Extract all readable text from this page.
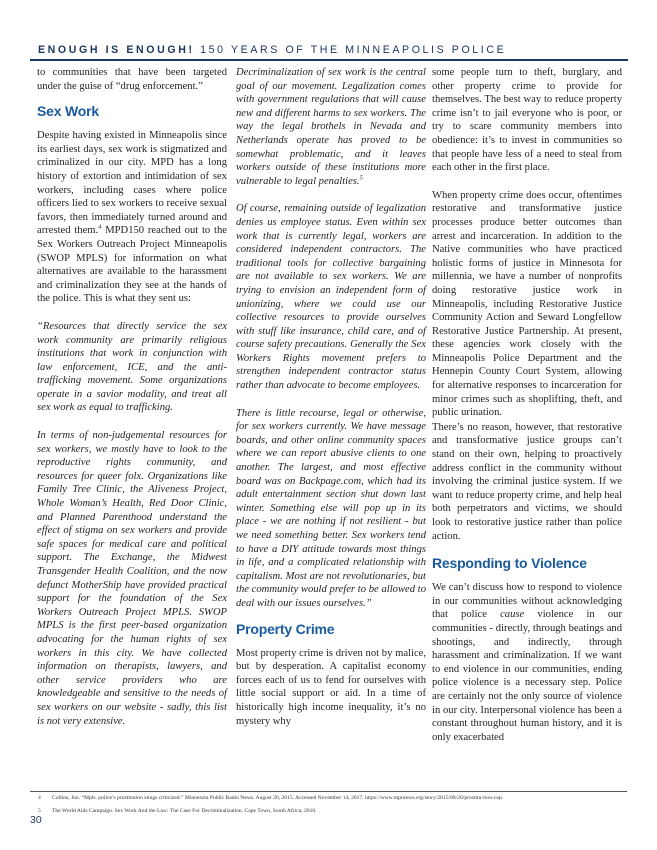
ENOUGH IS ENOUGH! 150 YEARS OF THE MINNEAPOLIS POLICE

to communities that have been targeted under the guise of “drug enforcement.”

Sex Work

Despite having existed in Minneapolis since its earliest days, sex work is stigmatized and criminalized in our city. MPD has a long history of extortion and intimidation of sex workers, including cases where police officers lied to sex workers to receive sexual favors, then immediately turned around and arrested them.$^4$ MPD150 reached out to the Sex Workers Outreach Project Minneapolis (SWOP MPLS) for information on what alternatives are available to the harassment and criminalization they see at the hands of the police. This is what they sent us:

“Resources that directly service the sex work community are primarily religious institutions that work in conjunction with law enforcement, ICE, and the anti-trafficking movement. Some organizations operate in a savior modality, and treat all sex work as equal to trafficking.

In terms of non-judgemental resources for sex workers, we mostly have to look to the reproductive rights community, and resources for queer folx. Organizations like Family Tree Clinic, the Aliveness Project, Whole Woman’s Health, Red Door Clinic, and Planned Parenthood understand the effect of stigma on sex workers and provide safe spaces for medical care and political support. The Exchange, the Midwest Transgender Health Coalition, and the now defunct MotherShip have provided practical support for the foundation of the Sex Workers Outreach Project MPLS. SWOP MPLS is the first peer-based organization advocating for the human rights of sex workers in this city. We have collected information on therapists, lawyers, and other service providers who are knowledgeable and sensitive to the needs of sex workers on our website - sadly, this list is not very extensive.

Decriminalization of sex work is the central goal of our movement. Legalization comes with government regulations that will cause new and different harms to sex workers. The way the legal brothels in Nevada and Netherlands operate has proved to be somewhat problematic, and it leaves workers outside of these institutions more vulnerable to legal penalties.$^5$

Of course, remaining outside of legalization denies us employee status. Even within sex work that is currently legal, workers are considered independent contractors. The traditional tools for collective bargaining are not available to sex workers. We are trying to envision an independent form of unionizing, where we could use our collective resources to provide ourselves with stuff like insurance, child care, and of course safety precautions. Generally the Sex Workers Rights movement prefers to strengthen independent contractor status rather than advocate to become employees.

There is little recourse, legal or otherwise, for sex workers currently. We have message boards, and other online community spaces where we can report abusive clients to one another. The largest, and most effective board was on Backpage.com, which had its adult entertainment section shut down last winter. Something else will pop up in its place - we are nothing if not resilient - but we need something better. Sex workers tend to have a DIY attitude towards most things in life, and a complicated relationship with capitalism. Most are not revolutionaries, but the community would prefer to be allowed to deal with our issues ourselves.”

Property Crime

Most property crime is driven not by malice, but by desperation. A capitalist economy forces each of us to fend for ourselves with little social support or aid. In a time of historically high income inequality, it’s no mystery why

some people turn to theft, burglary, and other property crime to provide for themselves. The best way to reduce property crime isn’t to jail everyone who is poor, or try to scare community members into obedience: it’s to invest in communities so that people have less of a need to steal from each other in the first place.

When property crime does occur, oftentimes restorative and transformative justice processes produce better outcomes than arrest and incarceration. In addition to the Native communities who have practiced holistic forms of justice in Minnesota for millennia, we have a number of nonprofits doing restorative justice work in Minneapolis, including Restorative Justice Community Action and Seward Longfellow Restorative Justice Partnership. At present, these agencies work closely with the Minneapolis Police Department and the Hennepin County Court System, allowing for alternative responses to incarceration for minor crimes such as shoplifting, theft, and public urination.

There’s no reason, however, that restorative and transformative justice groups can’t stand on their own, helping to proactively address conflict in the community without involving the criminal justice system. If we want to reduce property crime, and help heal both perpetrators and victims, we should look to restorative justice rather than police action.

Responding to Violence

We can’t discuss how to respond to violence in our communities without acknowledging that police cause violence in our communities - directly, through beatings and shootings, and indirectly, through harassment and criminalization. If we want to end violence in our communities, ending police violence is a necessary step. Police are certainly not the only source of violence in our city. Interpersonal violence has been a constant throughout human history, and it is only exacerbated

4 Collins, Jon. “Mpls. police’s prostitution stings criticized.” Minnesota Public Radio News. August 20, 2015. Accessed November 14, 2017. https://www.mprnews.org/story/2015/08/20/prostitu-tion-cop.
5 The World Aids Campaign. Sex Work And the Law: The Case For Decriminalization. Cape Town, South Africa, 2010.
30
